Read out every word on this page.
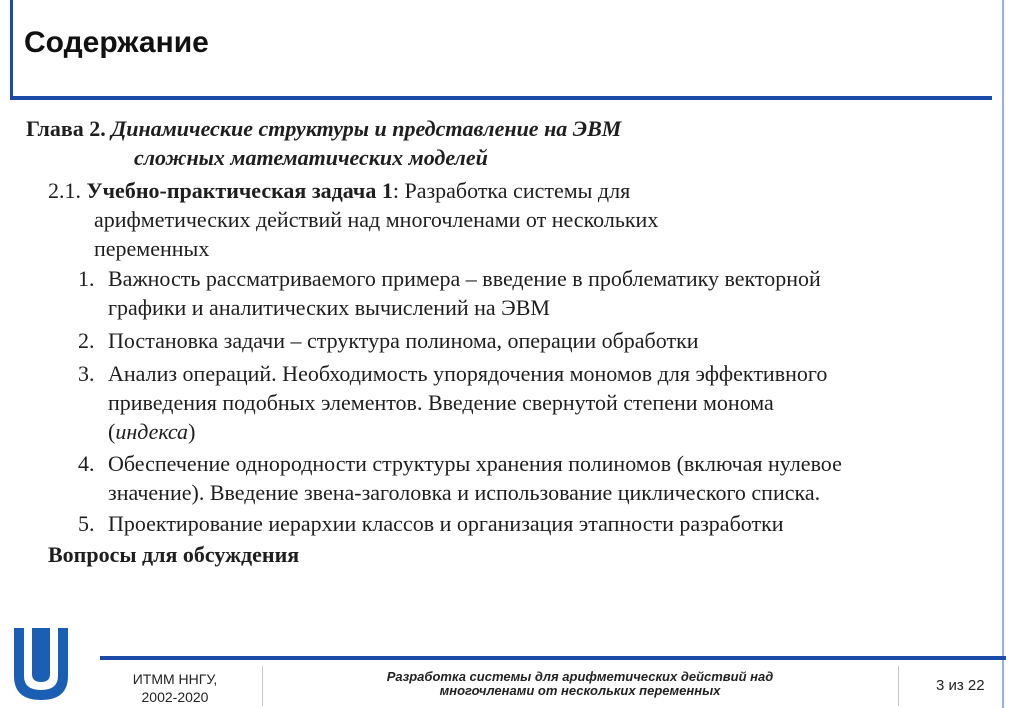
Содержание

Глава 2. Динамические структуры и представление на ЭВМ
сложных математических моделей

2.1. Учебно-практическая задача 1: Разработка системы для
арифметических действий над многочленами от нескольких
переменных

1. Важность рассматриваемого примера – введение в проблематику векторной
графики и аналитических вычислений на ЭВМ

2. Постановка задачи – структура полинома, операции обработки

3. Анализ операций. Необходимость упорядочения мономов для эффективного
приведения подобных элементов. Введение свернутой степени монома
(индекса)

4. Обеспечение однородности структуры хранения полиномов (включая нулевое
значение). Введение звена-заголовка и использование циклического списка.

5. Проектирование иерархии классов и организация этапности разработки

Вопросы для обсуждения

ИТММ ННГУ,
2002-2020
Разработка системы для арифметических действий над
многочленами от нескольких переменных	3 из 22
